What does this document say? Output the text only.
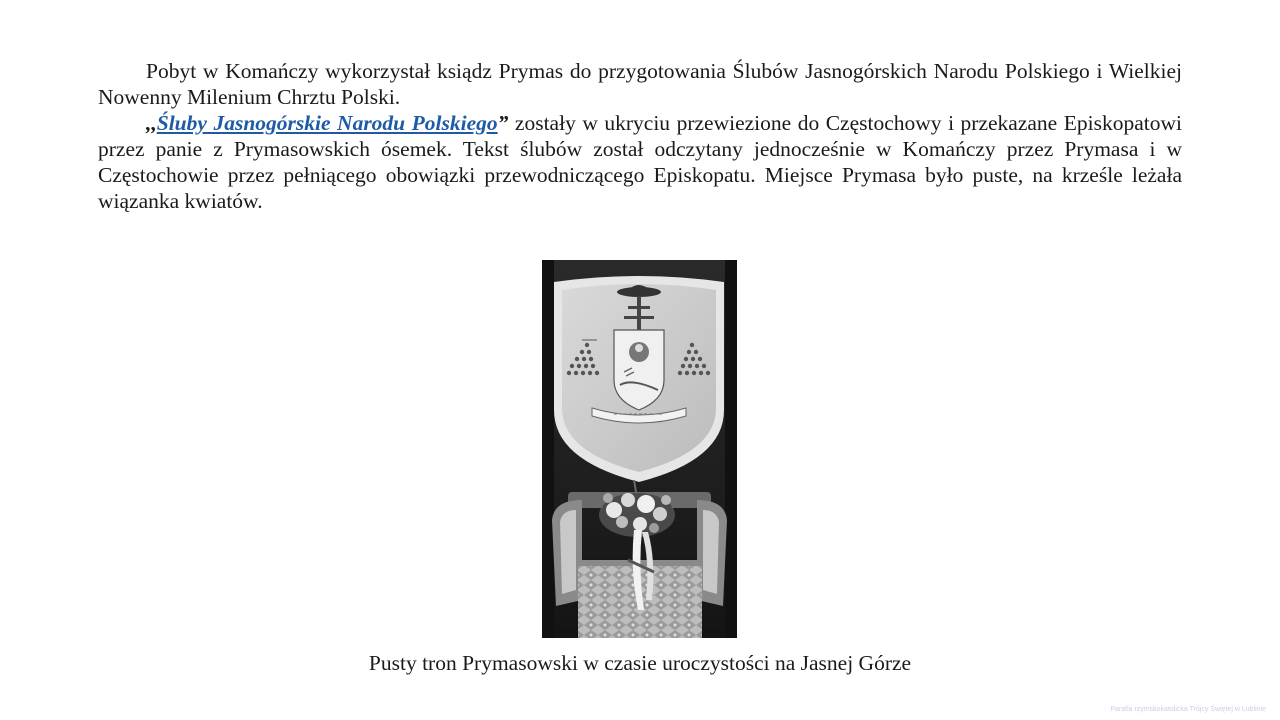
Pobyt w Komańczy wykorzystał ksiądz Prymas do przygotowania Ślubów Jasnogórskich Narodu Polskiego i Wielkiej Nowenny Milenium Chrztu Polski.

,,Śluby Jasnogórskie Narodu Polskiego” zostały w ukryciu przewiezione do Częstochowy i przekazane Episkopatowi przez panie z Prymasowskich ósemek. Tekst ślubów został odczytany jednocześnie w Komańczy przez Prymasa i w Częstochowie przez pełniącego obowiązki przewodniczącego Episkopatu. Miejsce Prymasa było puste, na krześle leżała wiązanka kwiatów.

Pusty tron Prymasowski w czasie uroczystości na Jasnej Górze
Parafia rzymskokatolicka Trójcy Świętej w Lublinie
